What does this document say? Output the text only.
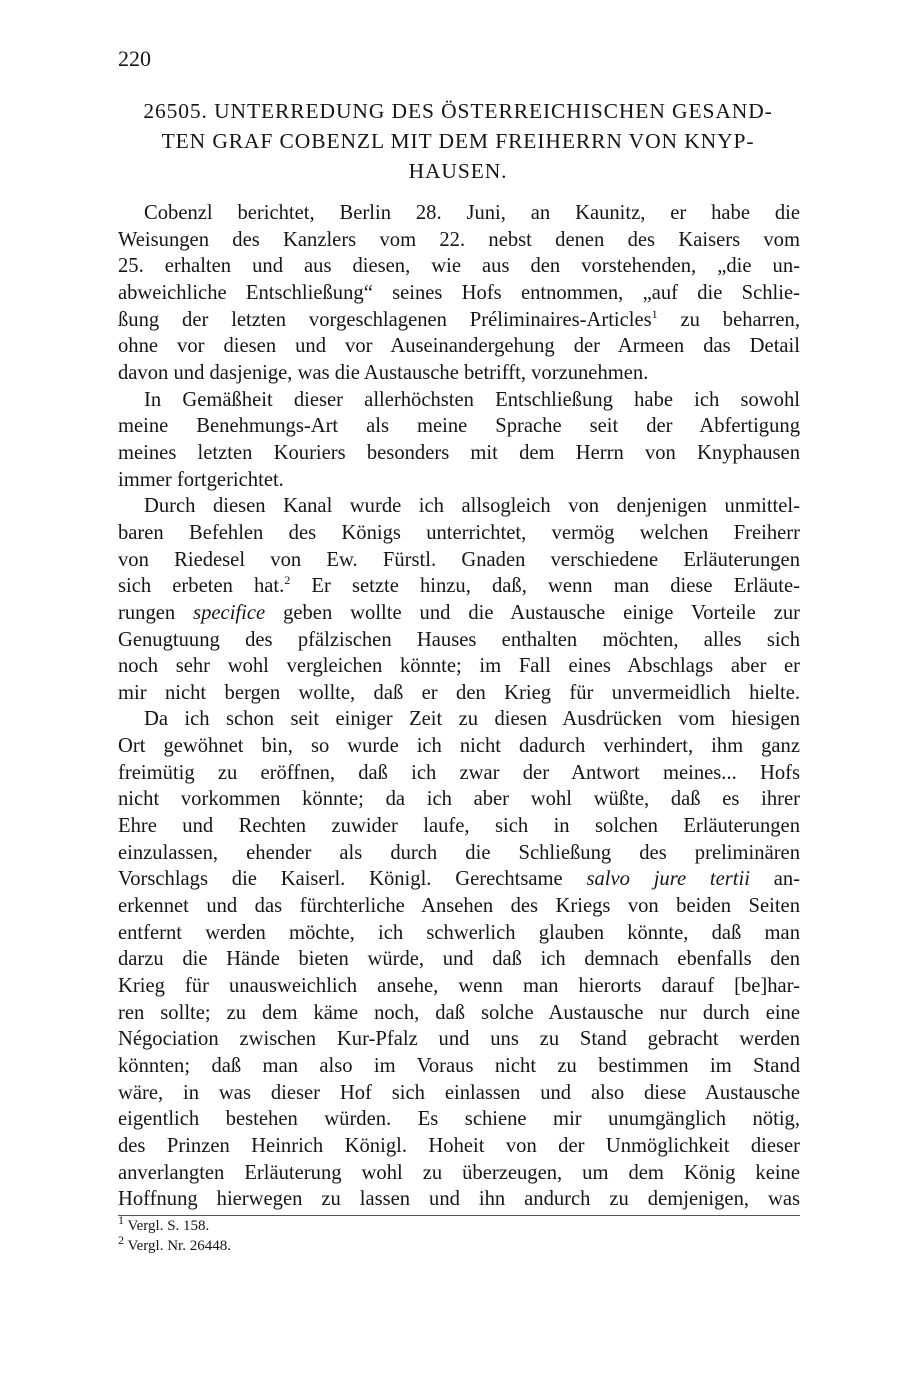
220
26505. UNTERREDUNG DES ÖSTERREICHISCHEN GESAND-
TEN GRAF COBENZL MIT DEM FREIHERRN VON KNYP-
HAUSEN.
Cobenzl berichtet, Berlin 28. Juni, an Kaunitz, er habe die
Weisungen des Kanzlers vom 22. nebst denen des Kaisers vom
25. erhalten und aus diesen, wie aus den vorstehenden, „die un-
abweichliche Entschließung“ seines Hofs entnommen, „auf die Schlie-
ßung der letzten vorgeschlagenen Préliminaires-Articles$^1$ zu beharren,
ohne vor diesen und vor Auseinandergehung der Armeen das Detail
davon und dasjenige, was die Austausche betrifft, vorzunehmen.
In Gemäßheit dieser allerhöchsten Entschließung habe ich sowohl
meine Benehmungs-Art als meine Sprache seit der Abfertigung
meines letzten Kouriers besonders mit dem Herrn von Knyphausen
immer fortgerichtet.
Durch diesen Kanal wurde ich allsogleich von denjenigen unmittel-
baren Befehlen des Königs unterrichtet, vermög welchen Freiherr
von Riedesel von Ew. Fürstl. Gnaden verschiedene Erläuterungen
sich erbeten hat.$^2$ Er setzte hinzu, daß, wenn man diese Erläute-
rungen specifice geben wollte und die Austausche einige Vorteile zur
Genugtuung des pfälzischen Hauses enthalten möchten, alles sich
noch sehr wohl vergleichen könnte; im Fall eines Abschlags aber er
mir nicht bergen wollte, daß er den Krieg für unvermeidlich hielte.
Da ich schon seit einiger Zeit zu diesen Ausdrücken vom hiesigen
Ort gewöhnet bin, so wurde ich nicht dadurch verhindert, ihm ganz
freimütig zu eröffnen, daß ich zwar der Antwort meines... Hofs
nicht vorkommen könnte; da ich aber wohl wüßte, daß es ihrer
Ehre und Rechten zuwider laufe, sich in solchen Erläuterungen
einzulassen, ehender als durch die Schließung des preliminären
Vorschlags die Kaiserl. Königl. Gerechtsame salvo jure tertii an-
erkennet und das fürchterliche Ansehen des Kriegs von beiden Seiten
entfernt werden möchte, ich schwerlich glauben könnte, daß man
darzu die Hände bieten würde, und daß ich demnach ebenfalls den
Krieg für unausweichlich ansehe, wenn man hierorts darauf [be]har-
ren sollte; zu dem käme noch, daß solche Austausche nur durch eine
Négociation zwischen Kur-Pfalz und uns zu Stand gebracht werden
könnten; daß man also im Voraus nicht zu bestimmen im Stand
wäre, in was dieser Hof sich einlassen und also diese Austausche
eigentlich bestehen würden. Es schiene mir unumgänglich nötig,
des Prinzen Heinrich Königl. Hoheit von der Unmöglichkeit dieser
anverlangten Erläuterung wohl zu überzeugen, um dem König keine
Hoffnung hierwegen zu lassen und ihn andurch zu demjenigen, was
$^1$ Vergl. S. 158.
$^2$ Vergl. Nr. 26448.
